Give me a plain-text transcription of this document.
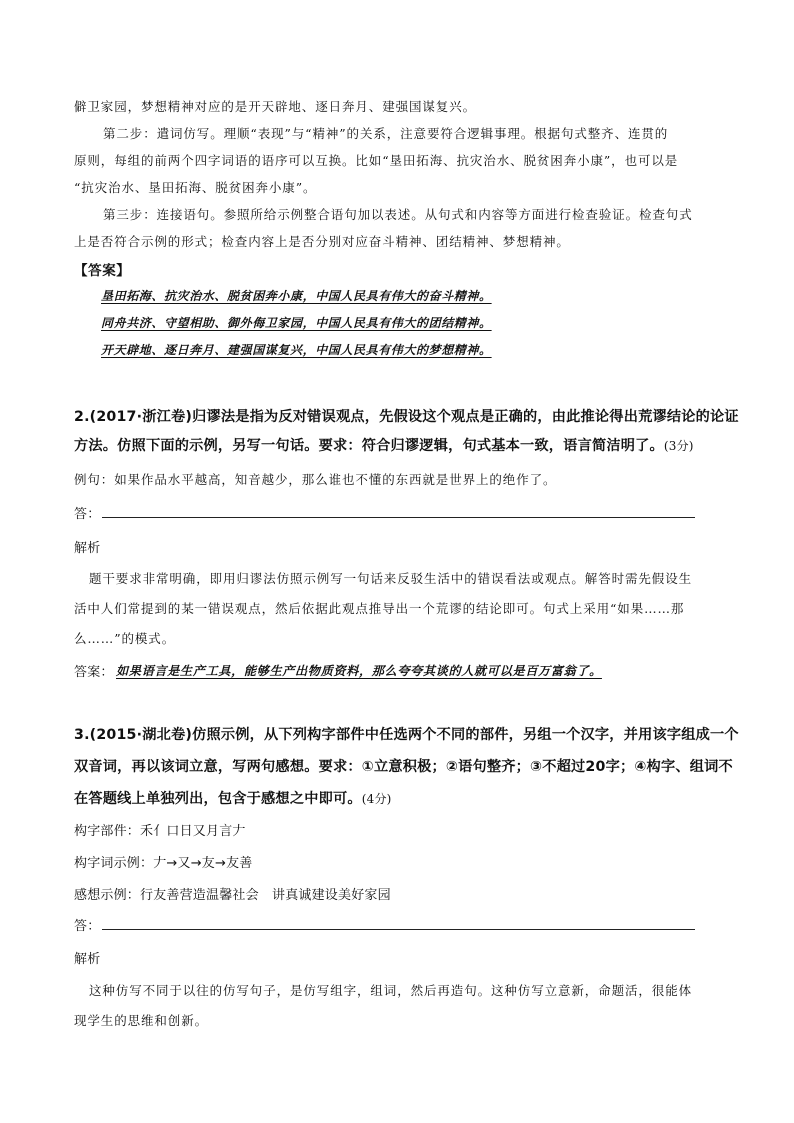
僻卫家园，梦想精神对应的是开天辟地、逐日奔月、建强国谋复兴。
第二步：遣词仿写。理顺“表现”与“精神”的关系，注意要符合逻辑事理。根据句式整齐、连贯的
原则，每组的前两个四字词语的语序可以互换。比如“垦田拓海、抗灾治水、脱贫困奔小康”，也可以是
“抗灾治水、垦田拓海、脱贫困奔小康”。
第三步：连接语句。参照所给示例整合语句加以表述。从句式和内容等方面进行检查验证。检查句式
上是否符合示例的形式；检查内容上是否分别对应奋斗精神、团结精神、梦想精神。
【答案】
垦田拓海、抗灾治水、脱贫困奔小康，中国人民具有伟大的奋斗精神。
同舟共济、守望相助、御外侮卫家园，中国人民具有伟大的团结精神。
开天辟地、逐日奔月、建强国谋复兴，中国人民具有伟大的梦想精神。
2.(2017·浙江卷)归谬法是指为反对错误观点，先假设这个观点是正确的，由此推论得出荒谬结论的论证
方法。仿照下面的示例，另写一句话。要求：符合归谬逻辑，句式基本一致，语言简洁明了。(3分)
例句：如果作品水平越高，知音越少，那么谁也不懂的东西就是世界上的绝作了。
答：
解析
题干要求非常明确，即用归谬法仿照示例写一句话来反驳生活中的错误看法或观点。解答时需先假设生
活中人们常提到的某一错误观点，然后依据此观点推导出一个荒谬的结论即可。句式上采用“如果……那
么……”的模式。
答案： 如果语言是生产工具，能够生产出物质资料，那么夸夸其谈的人就可以是百万富翁了。
3.(2015·湖北卷)仿照示例，从下列构字部件中任选两个不同的部件，另组一个汉字，并用该字组成一个
双音词，再以该词立意，写两句感想。要求：①立意积极；②语句整齐；③不超过20字；④构字、组词不
在答题线上单独列出，包含于感想之中即可。(4分)
构字部件：禾亻口日又月言𠂇
构字词示例：𠂇→又→友→友善
感想示例：行友善营造温馨社会　讲真诚建设美好家园
答：
解析
这种仿写不同于以往的仿写句子，是仿写组字，组词，然后再造句。这种仿写立意新，命题活，很能体
现学生的思维和创新。
